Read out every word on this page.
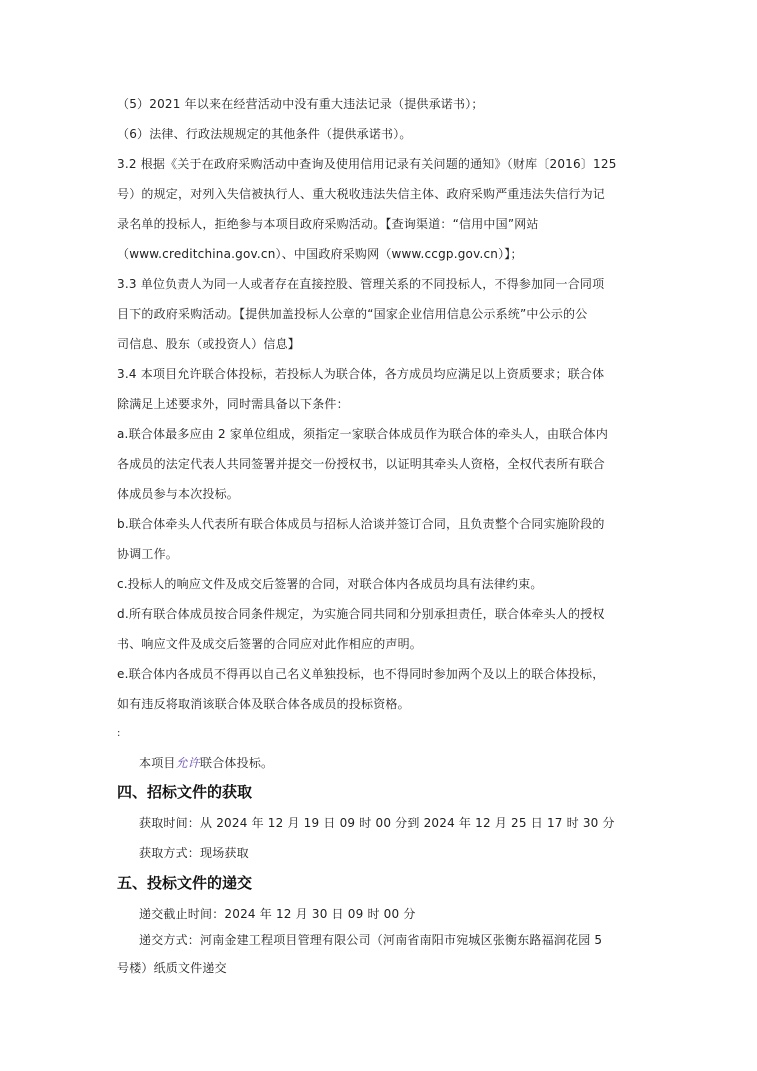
（5）2021 年以来在经营活动中没有重大违法记录（提供承诺书）；
（6）法律、行政法规规定的其他条件（提供承诺书）。
3.2 根据《关于在政府采购活动中查询及使用信用记录有关问题的通知》（财库〔2016〕125
号）的规定，对列入失信被执行人、重大税收违法失信主体、政府采购严重违法失信行为记
录名单的投标人，拒绝参与本项目政府采购活动。【查询渠道：“信用中国”网站
（www.creditchina.gov.cn）、中国政府采购网（www.ccgp.gov.cn）】；
3.3 单位负责人为同一人或者存在直接控股、管理关系的不同投标人，不得参加同一合同项
目下的政府采购活动。【提供加盖投标人公章的“国家企业信用信息公示系统”中公示的公
司信息、股东（或投资人）信息】
3.4 本项目允许联合体投标，若投标人为联合体，各方成员均应满足以上资质要求；联合体
除满足上述要求外，同时需具备以下条件：
a.联合体最多应由 2 家单位组成，须指定一家联合体成员作为联合体的牵头人，由联合体内
各成员的法定代表人共同签署并提交一份授权书，以证明其牵头人资格，全权代表所有联合
体成员参与本次投标。
b.联合体牵头人代表所有联合体成员与招标人洽谈并签订合同，且负责整个合同实施阶段的
协调工作。
c.投标人的响应文件及成交后签署的合同，对联合体内各成员均具有法律约束。
d.所有联合体成员按合同条件规定，为实施合同共同和分别承担责任，联合体牵头人的授权
书、响应文件及成交后签署的合同应对此作相应的声明。
e.联合体内各成员不得再以自己名义单独投标，也不得同时参加两个及以上的联合体投标，
如有违反将取消该联合体及联合体各成员的投标资格。
:
本项目允许联合体投标。
四、招标文件的获取
获取时间：从 2024 年 12 月 19 日 09 时 00 分到 2024 年 12 月 25 日 17 时 30 分
获取方式：现场获取
五、投标文件的递交
递交截止时间：2024 年 12 月 30 日 09 时 00 分
递交方式：河南金建工程项目管理有限公司（河南省南阳市宛城区张衡东路福润花园 5
号楼）纸质文件递交
